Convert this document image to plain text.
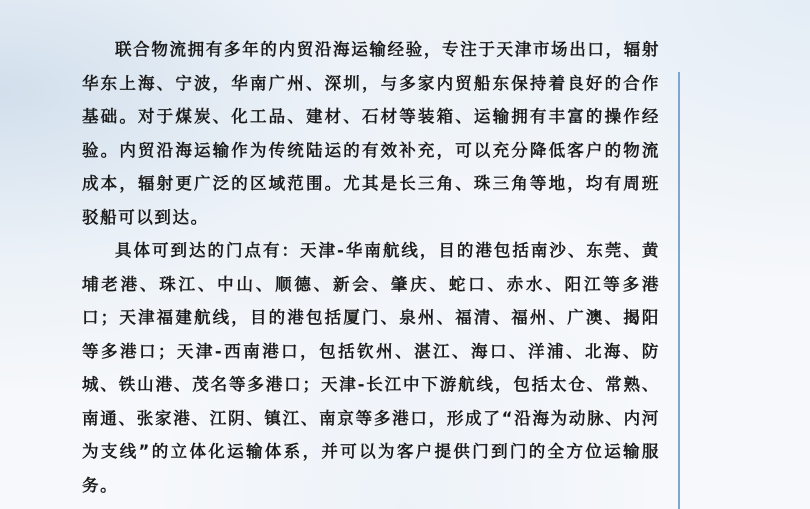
联合物流拥有多年的内贸沿海运输经验，专注于天津市场出口，辐射华东上海、宁波，华南广州、深圳，与多家内贸船东保持着良好的合作基础。对于煤炭、化工品、建材、石材等装箱、运输拥有丰富的操作经验。内贸沿海运输作为传统陆运的有效补充，可以充分降低客户的物流成本，辐射更广泛的区域范围。尤其是长三角、珠三角等地，均有周班驳船可以到达。

具体可到达的门点有：天津-华南航线，目的港包括南沙、东莞、黄埔老港、珠江、中山、顺德、新会、肇庆、蛇口、赤水、阳江等多港口；天津福建航线，目的港包括厦门、泉州、福清、福州、广澳、揭阳等多港口；天津-西南港口，包括钦州、湛江、海口、洋浦、北海、防城、铁山港、茂名等多港口；天津-长江中下游航线，包括太仓、常熟、南通、张家港、江阴、镇江、南京等多港口，形成了“沿海为动脉、内河为支线”的立体化运输体系，并可以为客户提供门到门的全方位运输服务。
